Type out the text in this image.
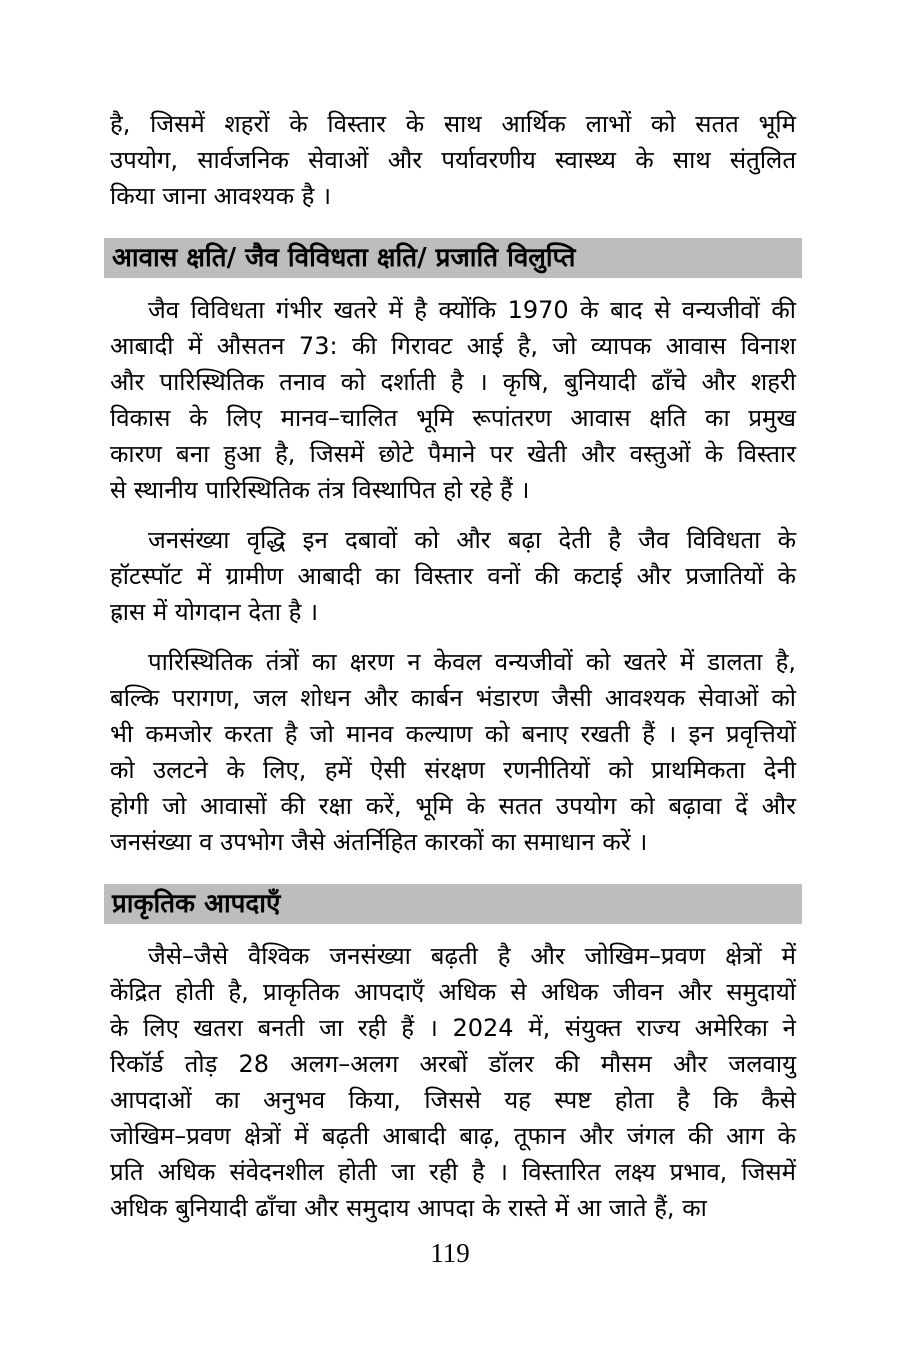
है, जिसमें शहरों के विस्तार के साथ आर्थिक लाभों को सतत भूमि
उपयोग, सार्वजनिक सेवाओं और पर्यावरणीय स्वास्थ्य के साथ संतुलित
किया जाना आवश्यक है ।
आवास क्षति/ जैव विविधता क्षति/ प्रजाति विलुप्ति
जैव विविधता गंभीर खतरे में है क्योंकि 1970 के बाद से वन्यजीवों की
आबादी में औसतन 73: की गिरावट आई है, जो व्यापक आवास विनाश
और पारिस्थितिक तनाव को दर्शाती है । कृषि, बुनियादी ढाँचे और शहरी
विकास के लिए मानव–चालित भूमि रूपांतरण आवास क्षति का प्रमुख
कारण बना हुआ है, जिसमें छोटे पैमाने पर खेती और वस्तुओं के विस्तार
से स्थानीय पारिस्थितिक तंत्र विस्थापित हो रहे हैं ।
जनसंख्या वृद्धि इन दबावों को और बढ़ा देती है जैव विविधता के
हॉटस्पॉट में ग्रामीण आबादी का विस्तार वनों की कटाई और प्रजातियों के
ह्रास में योगदान देता है ।
पारिस्थितिक तंत्रों का क्षरण न केवल वन्यजीवों को खतरे में डालता है,
बल्कि परागण, जल शोधन और कार्बन भंडारण जैसी आवश्यक सेवाओं को
भी कमजोर करता है जो मानव कल्याण को बनाए रखती हैं । इन प्रवृत्तियों
को उलटने के लिए, हमें ऐसी संरक्षण रणनीतियों को प्राथमिकता देनी
होगी जो आवासों की रक्षा करें, भूमि के सतत उपयोग को बढ़ावा दें और
जनसंख्या व उपभोग जैसे अंतर्निहित कारकों का समाधान करें ।
प्राकृतिक आपदाएँ
जैसे–जैसे वैश्विक जनसंख्या बढ़ती है और जोखिम–प्रवण क्षेत्रों में
केंद्रित होती है, प्राकृतिक आपदाएँ अधिक से अधिक जीवन और समुदायों
के लिए खतरा बनती जा रही हैं । 2024 में, संयुक्त राज्य अमेरिका ने
रिकॉर्ड तोड़ 28 अलग–अलग अरबों डॉलर की मौसम और जलवायु
आपदाओं का अनुभव किया, जिससे यह स्पष्ट होता है कि कैसे
जोखिम–प्रवण क्षेत्रों में बढ़ती आबादी बाढ़, तूफान और जंगल की आग के
प्रति अधिक संवेदनशील होती जा रही है । विस्तारित लक्ष्य प्रभाव, जिसमें
अधिक बुनियादी ढाँचा और समुदाय आपदा के रास्ते में आ जाते हैं, का
119
